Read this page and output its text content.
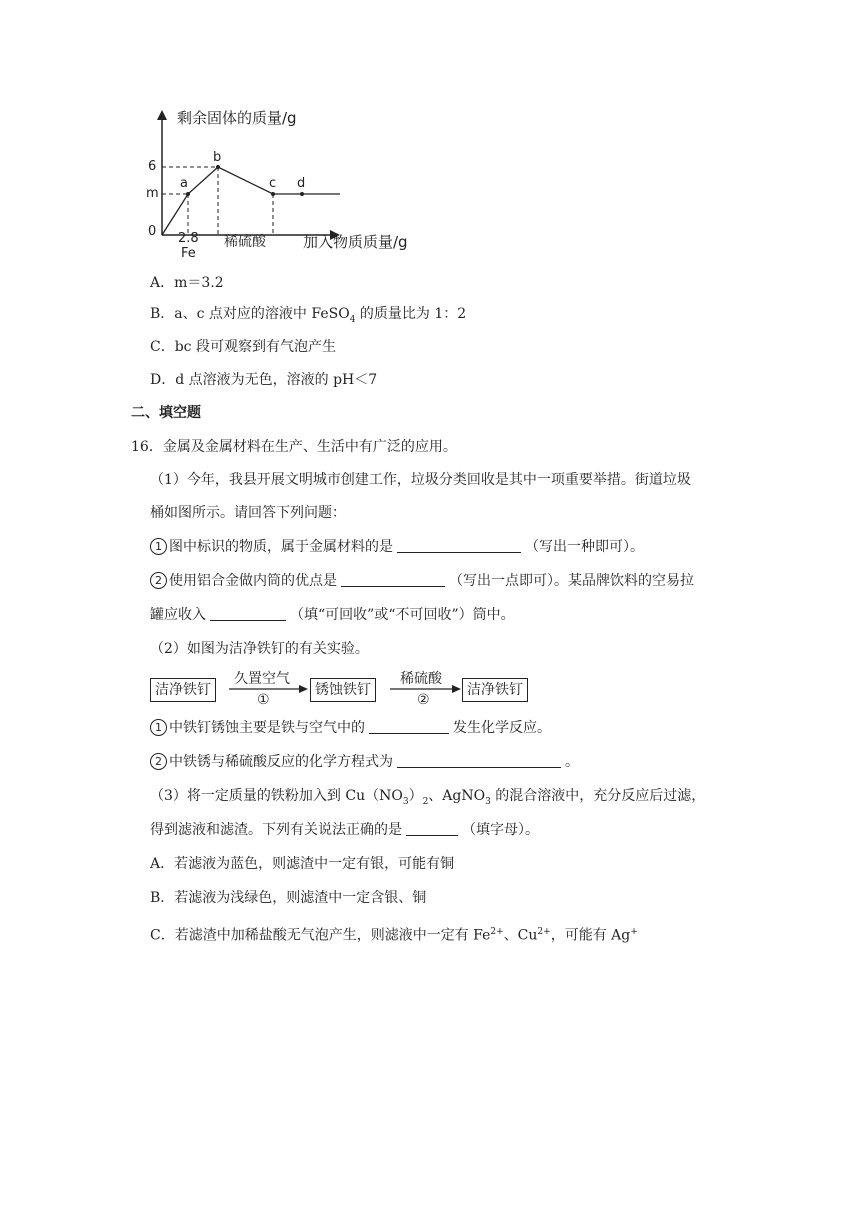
剩余固体的质量/g
6
m
0
a
b
c d
2.8
Fe
稀硫酸 加入物质质量/g
A．m＝3.2
B．a、c 点对应的溶液中 FeSO$_4$ 的质量比为 1：2
C．bc 段可观察到有气泡产生
D．d 点溶液为无色，溶液的 pH＜7
二、填空题
16．金属及金属材料在生产、生活中有广泛的应用。
（1）今年，我县开展文明城市创建工作，垃圾分类回收是其中一项重要举措。街道垃圾
桶如图所示。请回答下列问题：
1 图中标识的物质，属于金属材料的是	（写出一种即可）。
2 使用铝合金做内筒的优点是	（写出一点即可）。某品牌饮料的空易拉
罐应收入	（填“可回收”或“不可回收”）筒中。
（2）如图为洁净铁钉的有关实验。
洁净铁钉
久置空气
①
锈蚀铁钉
稀硫酸
②
洁净铁钉
1 中铁钉锈蚀主要是铁与空气中的	发生化学反应。
2 中铁锈与稀硫酸反应的化学方程式为	。
（3）将一定质量的铁粉加入到 $Cu(NO_3)_2$、AgNO$_3$ 的混合溶液中，充分反应后过滤，
得到滤液和滤渣。下列有关说法正确的是	（填字母）。
A．若滤液为蓝色，则滤渣中一定有银，可能有铜
B．若滤液为浅绿色，则滤渣中一定含银、铜
C．若滤渣中加稀盐酸无气泡产生，则滤液中一定有 $Fe^{2+}$、$Cu^{2+}$，可能有 Ag+
